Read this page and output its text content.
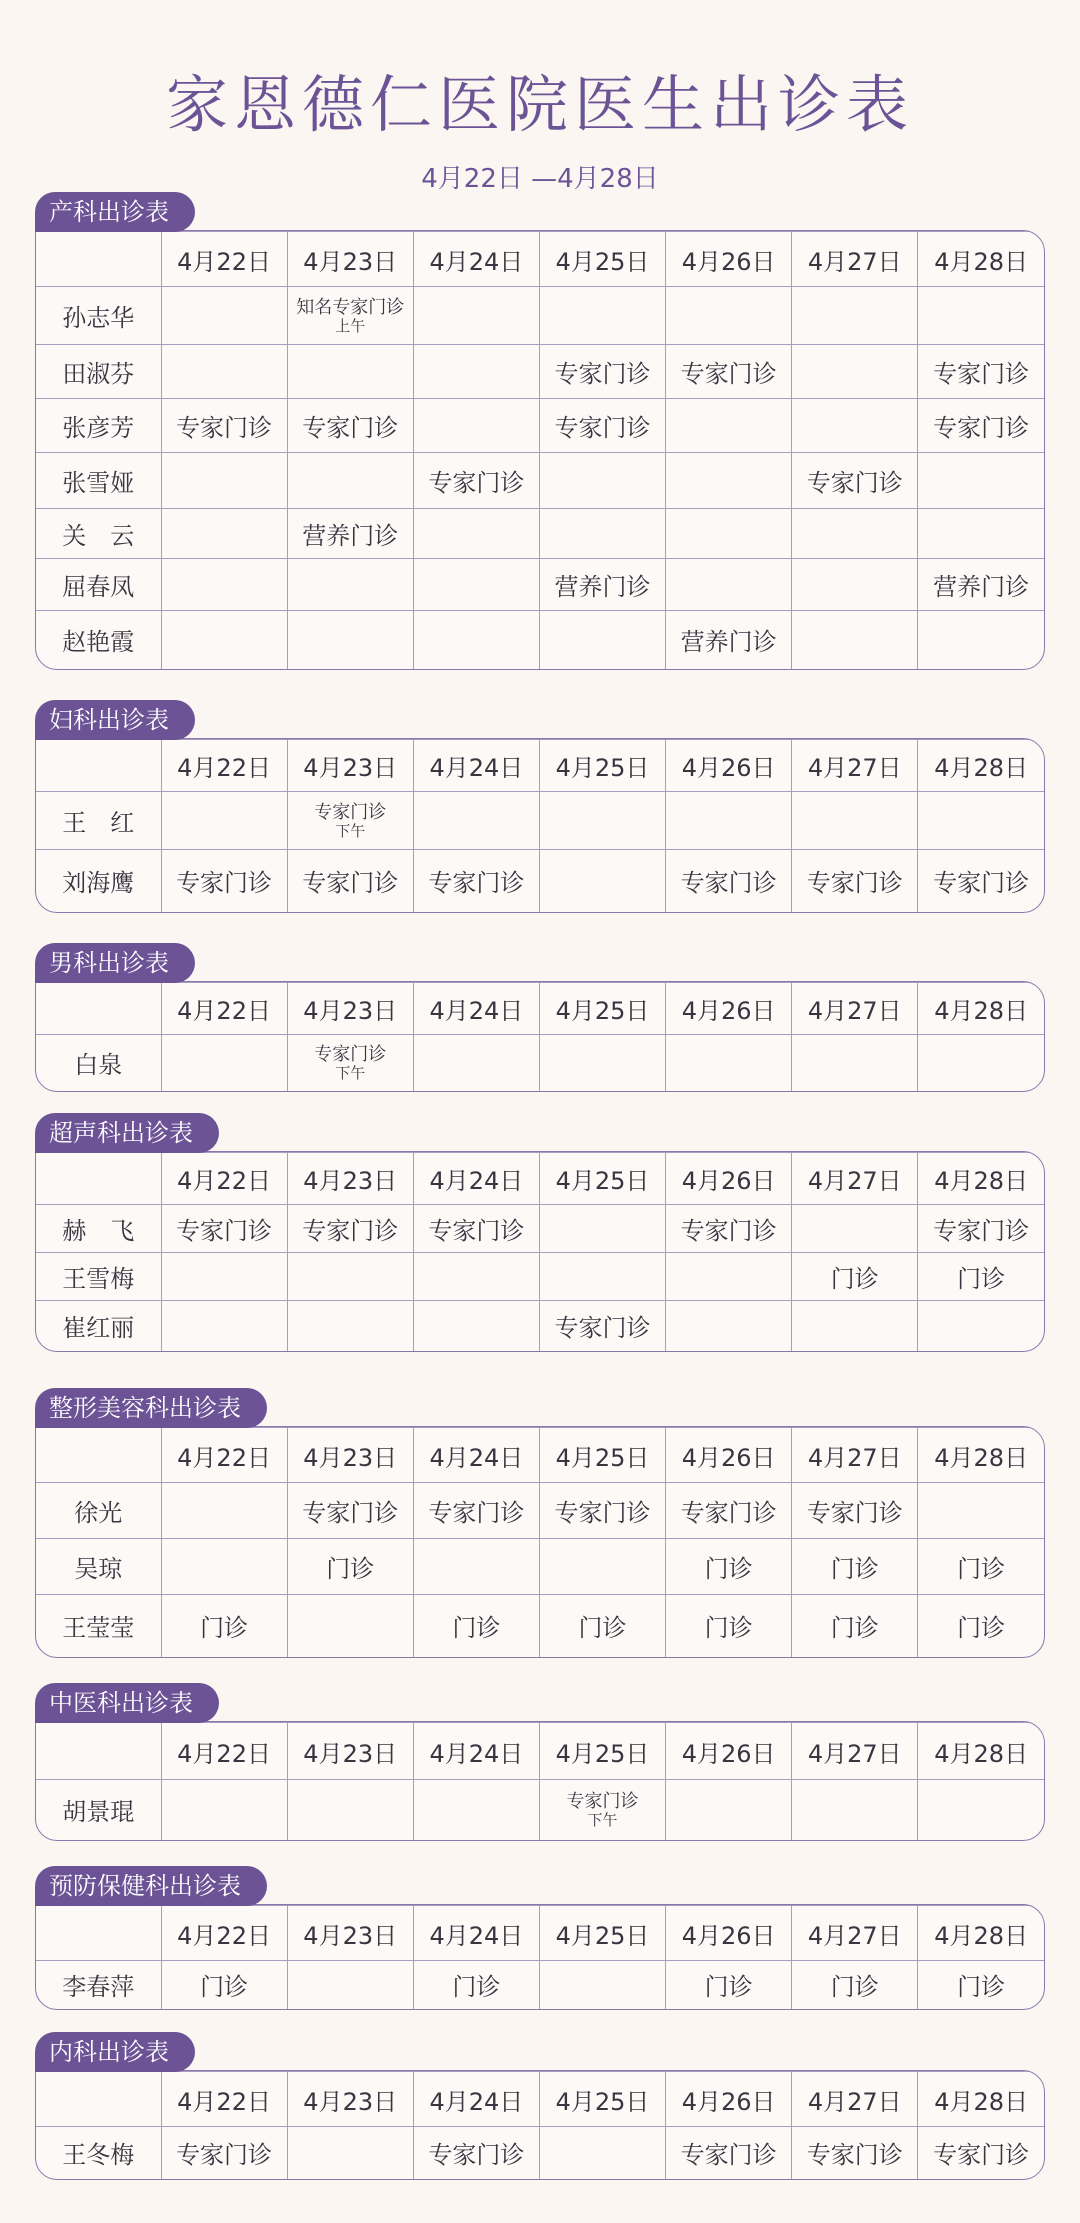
家恩德仁医院医生出诊表
4月22日 —4月28日
产科出诊表
	4月22日	4月23日	4月24日	4月25日	4月26日	4月27日	4月28日
孙志华		知名专家门诊
上午					

田淑芬				专家门诊	专家门诊		专家门诊
张彦芳	专家门诊	专家门诊		专家门诊			专家门诊
张雪娅			专家门诊			专家门诊	
关　云		营养门诊					
屈春凤				营养门诊			营养门诊
赵艳霞					营养门诊		
妇科出诊表
	4月22日	4月23日	4月24日	4月25日	4月26日	4月27日	4月28日
王　红		专家门诊
下午					

刘海鹰	专家门诊	专家门诊	专家门诊		专家门诊	专家门诊	专家门诊
男科出诊表
	4月22日	4月23日	4月24日	4月25日	4月26日	4月27日	4月28日
白泉		专家门诊
下午					

超声科出诊表
	4月22日	4月23日	4月24日	4月25日	4月26日	4月27日	4月28日
赫　飞	专家门诊	专家门诊	专家门诊		专家门诊		专家门诊
王雪梅						门诊	门诊
崔红丽				专家门诊			
整形美容科出诊表
	4月22日	4月23日	4月24日	4月25日	4月26日	4月27日	4月28日
徐光		专家门诊	专家门诊	专家门诊	专家门诊	专家门诊	
吴琼		门诊			门诊	门诊	门诊
王莹莹	门诊		门诊	门诊	门诊	门诊	门诊
中医科出诊表
	4月22日	4月23日	4月24日	4月25日	4月26日	4月27日	4月28日
胡景琨				专家门诊
下午			

预防保健科出诊表
	4月22日	4月23日	4月24日	4月25日	4月26日	4月27日	4月28日
李春萍	门诊		门诊		门诊	门诊	门诊
内科出诊表
	4月22日	4月23日	4月24日	4月25日	4月26日	4月27日	4月28日
王冬梅	专家门诊		专家门诊		专家门诊	专家门诊	专家门诊
